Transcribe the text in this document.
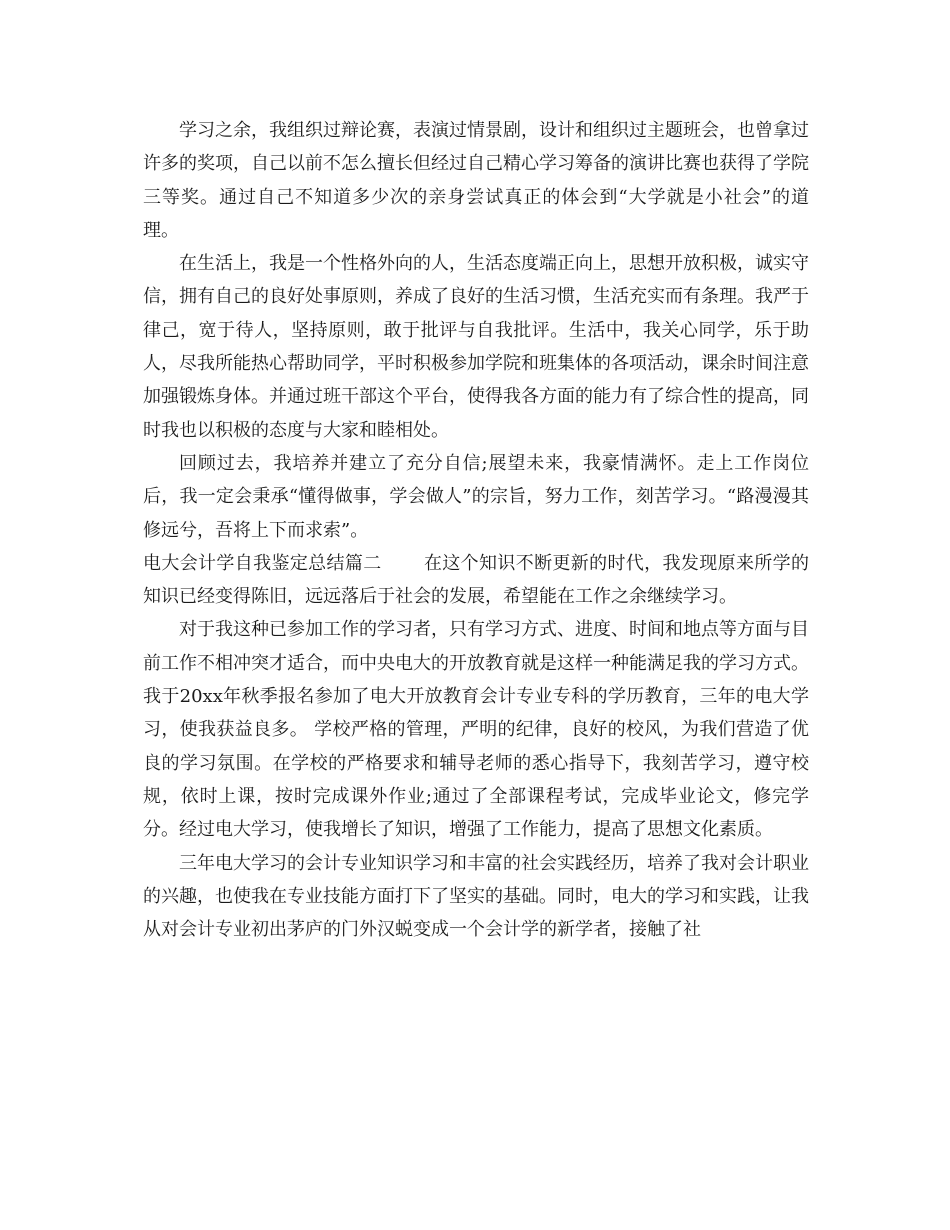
学习之余，我组织过辩论赛，表演过情景剧，设计和组织过主题班会，也曾拿过许多的奖项，自己以前不怎么擅长但经过自己精心学习筹备的演讲比赛也获得了学院三等奖。通过自己不知道多少次的亲身尝试真正的体会到“大学就是小社会”的道理。

在生活上，我是一个性格外向的人，生活态度端正向上，思想开放积极，诚实守信，拥有自己的良好处事原则，养成了良好的生活习惯，生活充实而有条理。我严于律己，宽于待人，坚持原则，敢于批评与自我批评。生活中，我关心同学，乐于助人，尽我所能热心帮助同学，平时积极参加学院和班集体的各项活动，课余时间注意加强锻炼身体。并通过班干部这个平台，使得我各方面的能力有了综合性的提高，同时我也以积极的态度与大家和睦相处。

回顾过去，我培养并建立了充分自信;展望未来，我豪情满怀。走上工作岗位后，我一定会秉承“懂得做事，学会做人”的宗旨，努力工作，刻苦学习。“路漫漫其修远兮，吾将上下而求索”。

电大会计学自我鉴定总结篇二 在这个知识不断更新的时代，我发现原来所学的知识已经变得陈旧，远远落后于社会的发展，希望能在工作之余继续学习。

对于我这种已参加工作的学习者，只有学习方式、进度、时间和地点等方面与目前工作不相冲突才适合，而中央电大的开放教育就是这样一种能满足我的学习方式。我于20xx年秋季报名参加了电大开放教育会计专业专科的学历教育，三年的电大学习，使我获益良多。 学校严格的管理，严明的纪律，良好的校风，为我们营造了优良的学习氛围。在学校的严格要求和辅导老师的悉心指导下，我刻苦学习，遵守校规，依时上课，按时完成课外作业;通过了全部课程考试，完成毕业论文，修完学分。经过电大学习，使我增长了知识，增强了工作能力，提高了思想文化素质。

三年电大学习的会计专业知识学习和丰富的社会实践经历，培养了我对会计职业的兴趣，也使我在专业技能方面打下了坚实的基础。同时，电大的学习和实践，让我从对会计专业初出茅庐的门外汉蜕变成一个会计学的新学者，接触了社
